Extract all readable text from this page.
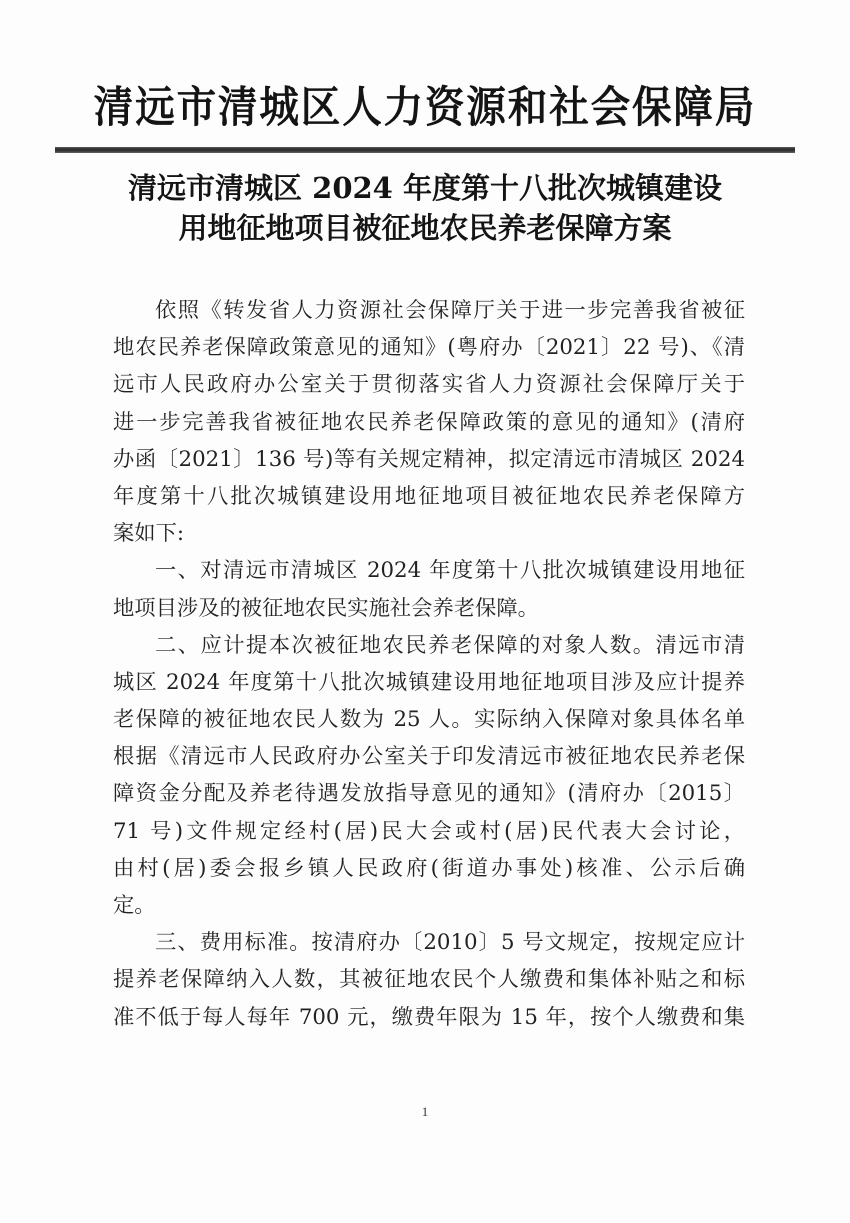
清远市清城区人力资源和社会保障局
清远市清城区 2024 年度第十八批次城镇建设
用地征地项目被征地农民养老保障方案
依照《转发省人力资源社会保障厅关于进一步完善我省被征
地农民养老保障政策意见的通知》(粤府办〔2021〕22 号)、《清
远市人民政府办公室关于贯彻落实省人力资源社会保障厅关于
进一步完善我省被征地农民养老保障政策的意见的通知》(清府
办函〔2021〕136 号)等有关规定精神，拟定清远市清城区 2024
年度第十八批次城镇建设用地征地项目被征地农民养老保障方
案如下:
一、对清远市清城区 2024 年度第十八批次城镇建设用地征
地项目涉及的被征地农民实施社会养老保障。
二、应计提本次被征地农民养老保障的对象人数。清远市清
城区 2024 年度第十八批次城镇建设用地征地项目涉及应计提养
老保障的被征地农民人数为 25 人。实际纳入保障对象具体名单
根据《清远市人民政府办公室关于印发清远市被征地农民养老保
障资金分配及养老待遇发放指导意见的通知》(清府办〔2015〕
71 号)文件规定经村(居)民大会或村(居)民代表大会讨论，
由村(居)委会报乡镇人民政府(街道办事处)核准、公示后确
定。
三、费用标准。按清府办〔2010〕5 号文规定，按规定应计
提养老保障纳入人数，其被征地农民个人缴费和集体补贴之和标
准不低于每人每年 700 元，缴费年限为 15 年，按个人缴费和集
1
